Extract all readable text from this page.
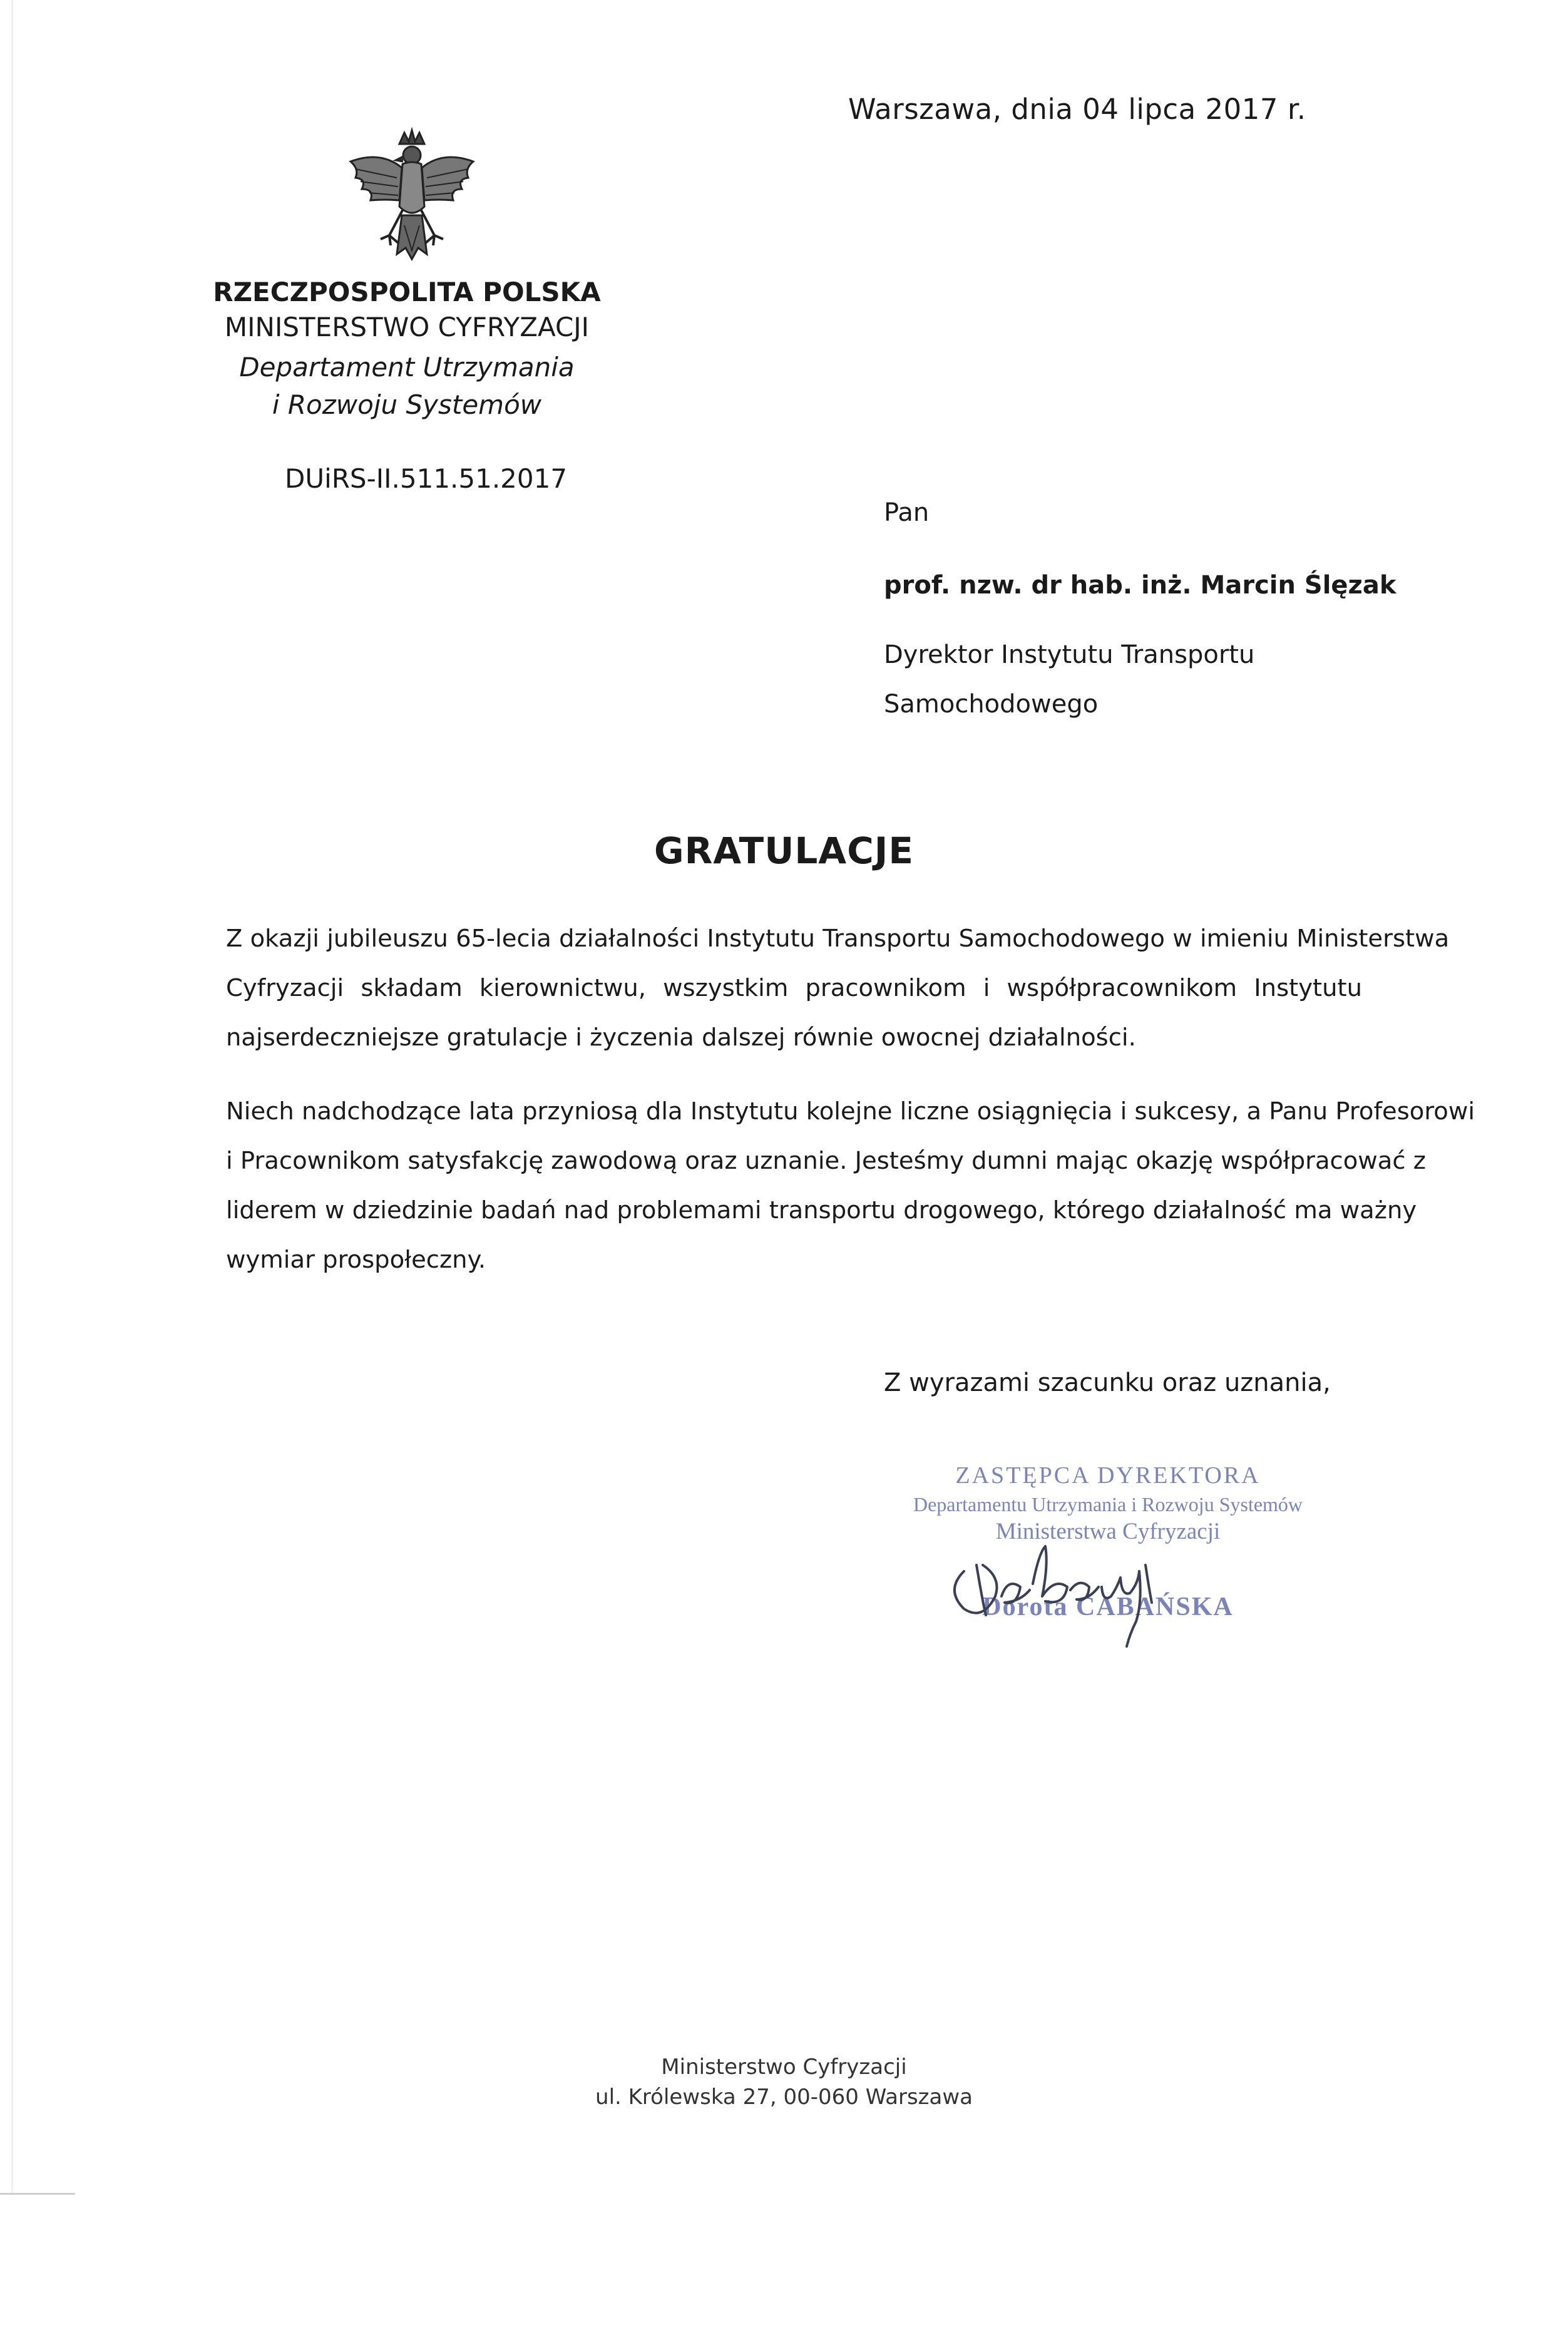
Warszawa, dnia 04 lipca 2017 r.
RZECZPOSPOLITA POLSKA
MINISTERSTWO CYFRYZACJI
Departament Utrzymania
i Rozwoju Systemów
DUiRS-II.511.51.2017
Pan
prof. nzw. dr hab. inż. Marcin Ślęzak
Dyrektor Instytutu Transportu
Samochodowego
GRATULACJE
Z okazji jubileuszu 65-lecia działalności Instytutu Transportu Samochodowego w imieniu Ministerstwa
Cyfryzacji składam kierownictwu, wszystkim pracownikom i współpracownikom Instytutu
najserdeczniejsze gratulacje i życzenia dalszej równie owocnej działalności.
Niech nadchodzące lata przyniosą dla Instytutu kolejne liczne osiągnięcia i sukcesy, a Panu Profesorowi
i Pracownikom satysfakcję zawodową oraz uznanie. Jesteśmy dumni mając okazję współpracować z
liderem w dziedzinie badań nad problemami transportu drogowego, którego działalność ma ważny
wymiar prospołeczny.
Z wyrazami szacunku oraz uznania,
ZASTĘPCA DYREKTORA
Departamentu Utrzymania i Rozwoju Systemów
Ministerstwa Cyfryzacji
Dorota CABAŃSKA
Ministerstwo Cyfryzacji
ul. Królewska 27, 00-060 Warszawa
